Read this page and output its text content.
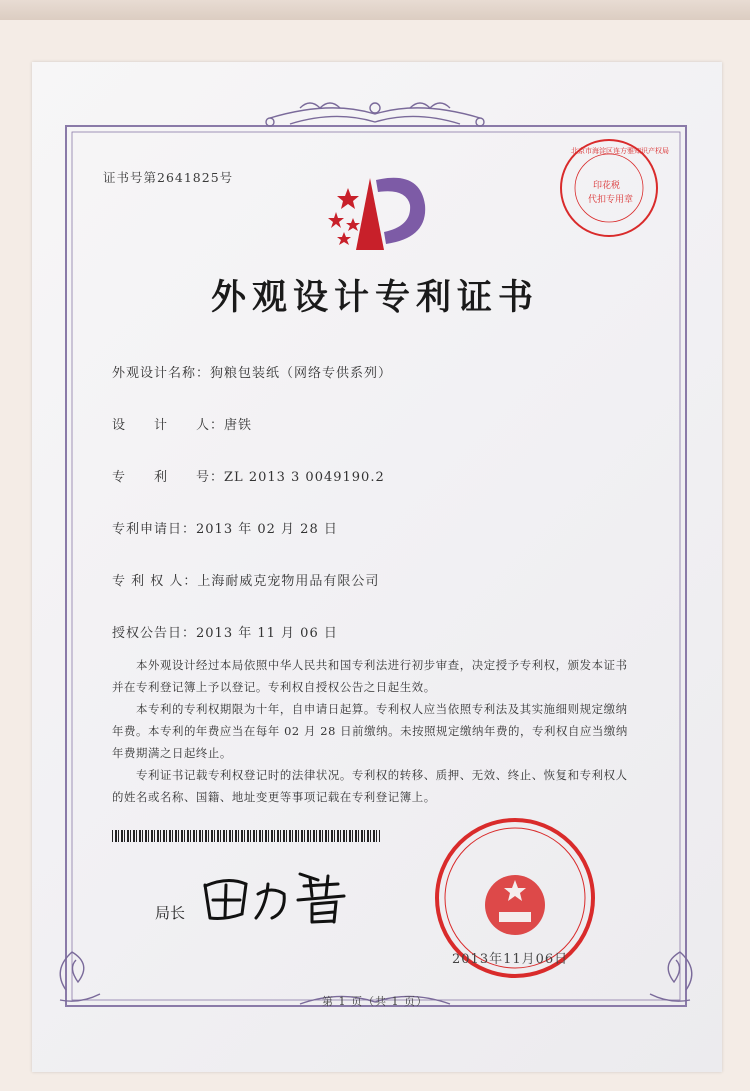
证书号第2641825号
印花税
代扣专用章
北京市海淀区连方雅知识产权局
外观设计专利证书
外观设计名称：狗粮包装纸（网络专供系列）
设　　计　　人：唐铁
专　　利　　号：ZL 2013 3 0049190.2
专利申请日：2013 年 02 月 28 日
专 利 权 人：上海耐威克宠物用品有限公司
授权公告日：2013 年 11 月 06 日
本外观设计经过本局依照中华人民共和国专利法进行初步审查，决定授予专利权，颁发本证书并在专利登记簿上予以登记。专利权自授权公告之日起生效。
本专利的专利权期限为十年，自申请日起算。专利权人应当依照专利法及其实施细则规定缴纳年费。本专利的年费应当在每年 02 月 28 日前缴纳。未按照规定缴纳年费的，专利权自应当缴纳年费期满之日起终止。
专利证书记载专利权登记时的法律状况。专利权的转移、质押、无效、终止、恢复和专利权人的姓名或名称、国籍、地址变更等事项记载在专利登记簿上。
局长
2013年11月06日
第 1 页（共 1 页）
